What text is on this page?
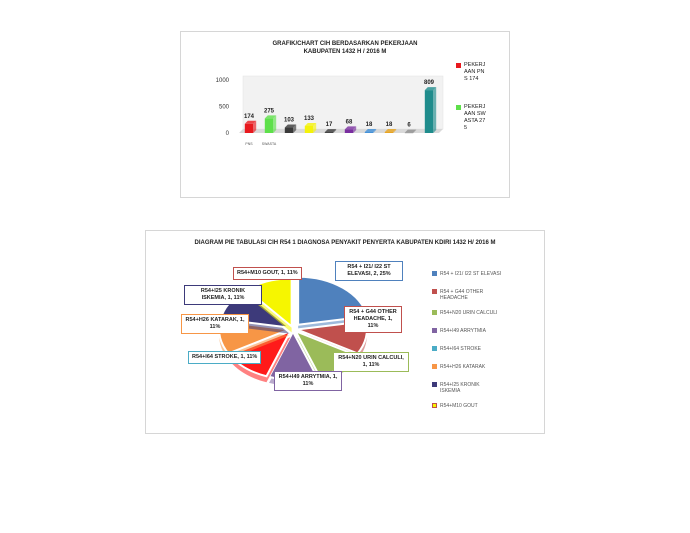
GRAFIK/CHART CIH BERDASARKAN PEKERJAAN
KABUPATEN 1432 H / 2016 M
1000
500
0
174
PNS
275
SWASTA
103 133
17 68 18 18 6
809
PEKERJAAN PNS 174
PEKERJAAN SWASTA 275
DIAGRAM PIE TABULASI CIH R54 1 DIAGNOSA PENYAKIT PENYERTA KABUPATEN KDIRI 1432 H/ 2016 M
R54 + I21/ I22 ST ELEVASI, 2, 25%
R54 + G44 OTHER HEADACHE, 1, 11%
R54+N20 URIN CALCULI, 1, 11%
R54+I49 ARRYTMIA, 1, 11%
R54+I64 STROKE, 1, 11%
R54+H26 KATARAK, 1, 11%
R54+I25 KRONIK ISKEMIA, 1, 11%
R54+M10 GOUT, 1, 11%	R54 + I21/ I22 ST ELEVASI
R54 + G44 OTHER HEADACHE
R54+N20 URIN CALCULI
R54+I49 ARRYTMIA
R54+I64 STROKE
R54+H26 KATARAK
R54+I25 KRONIK ISKEMIA
R54+M10 GOUT
